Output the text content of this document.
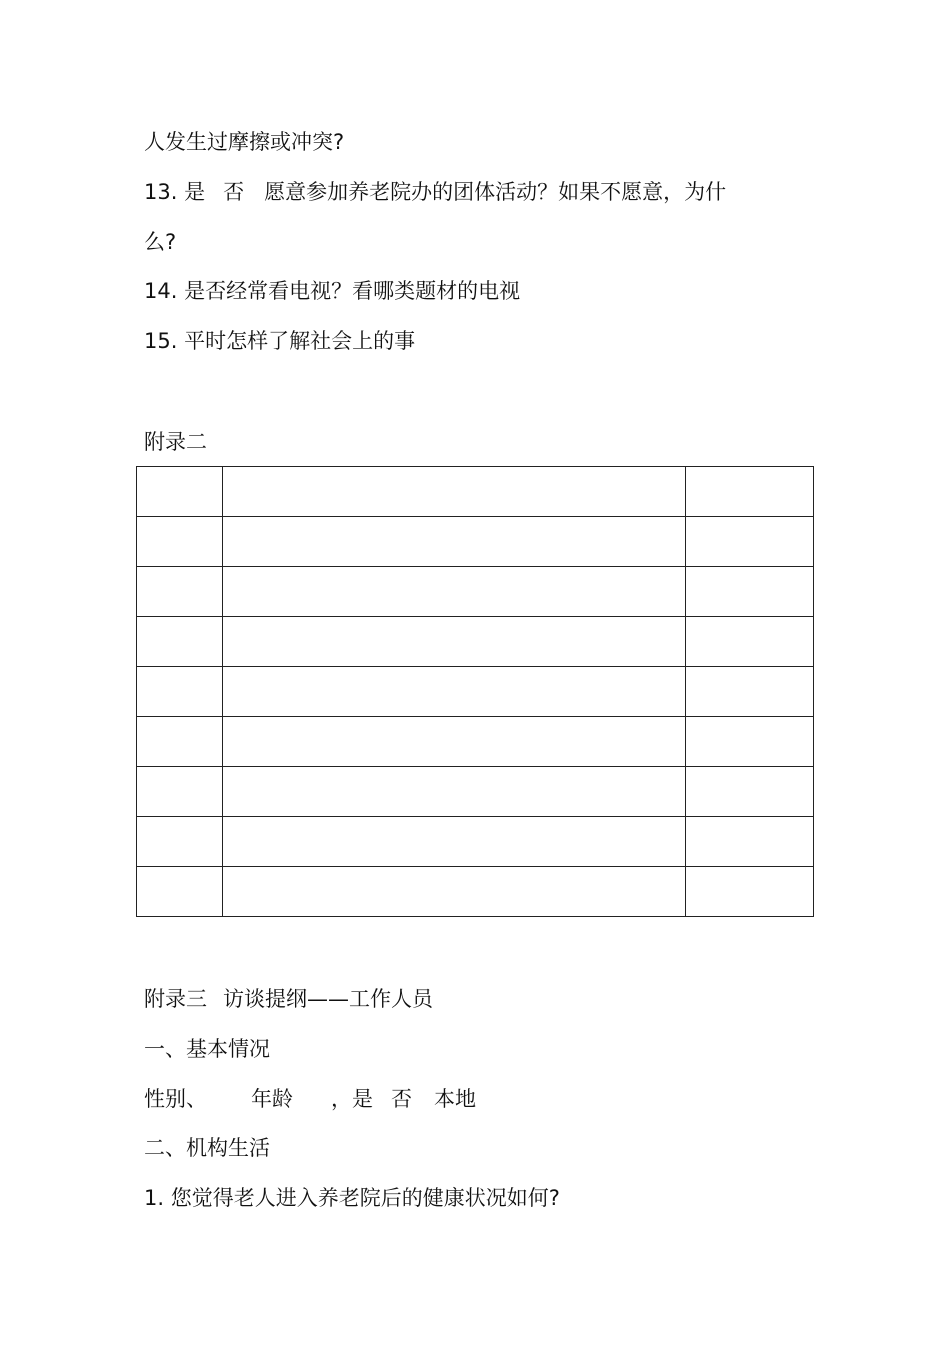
人发生过摩擦或冲突?
13. 是 否 愿意参加养老院办的团体活动？如果不愿意，为什
么?
14. 是否经常看电视？看哪类题材的电视
15. 平时怎样了解社会上的事
附录二

附录三 访谈提纲——工作人员
一、基本情况
性别、 年龄 ，是 否 本地
二、机构生活
1. 您觉得老人进入养老院后的健康状况如何?
